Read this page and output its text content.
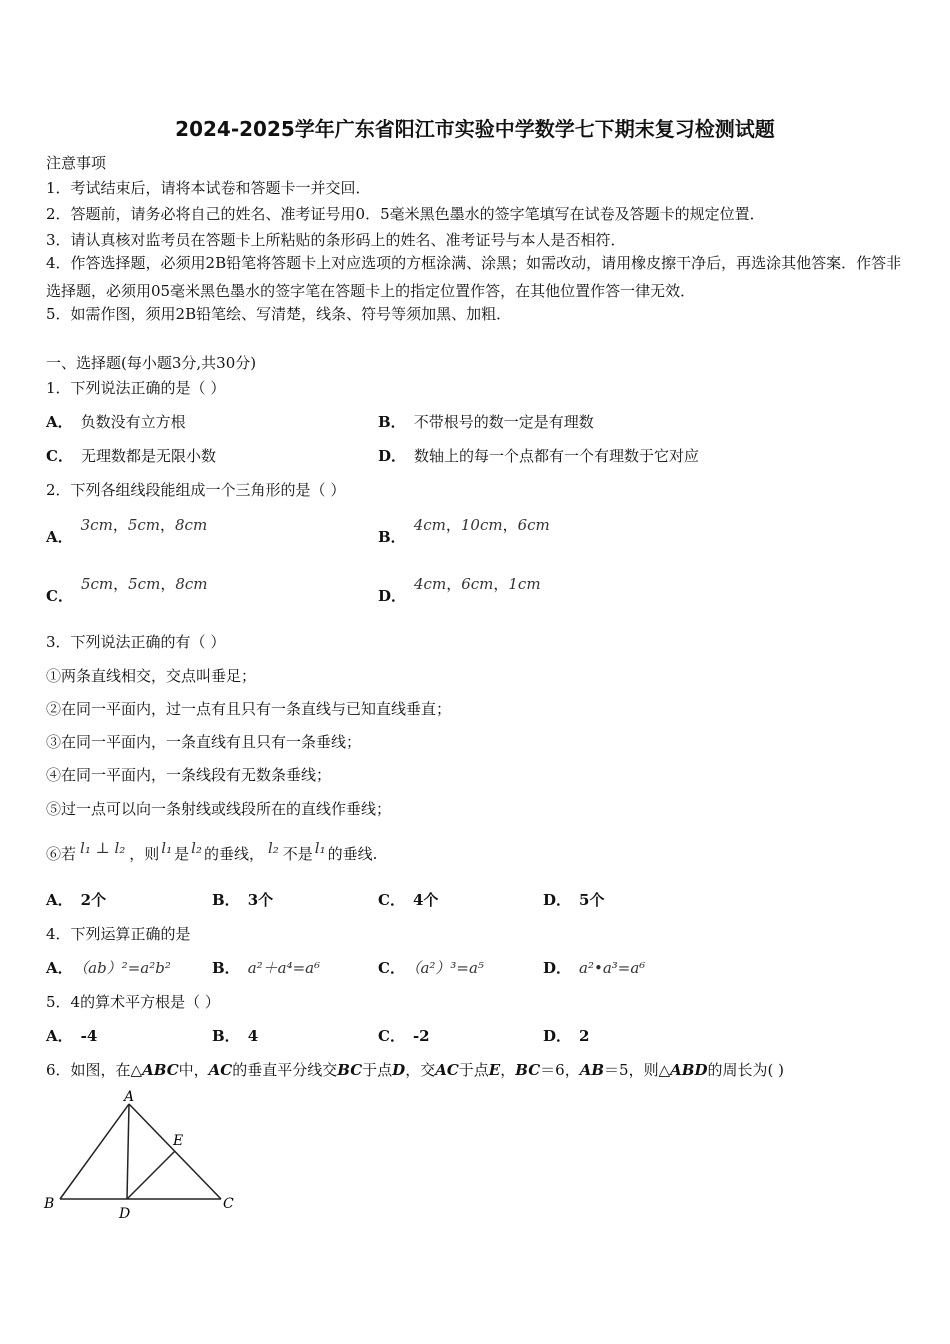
2024-2025学年广东省阳江市实验中学数学七下期末复习检测试题
注意事项
1．考试结束后，请将本试卷和答题卡一并交回．
2．答题前，请务必将自己的姓名、准考证号用0．5毫米黑色墨水的签字笔填写在试卷及答题卡的规定位置．
3．请认真核对监考员在答题卡上所粘贴的条形码上的姓名、准考证号与本人是否相符．
4．作答选择题，必须用2B铅笔将答题卡上对应选项的方框涂满、涂黑；如需改动，请用橡皮擦干净后，再选涂其他答案．作答非选择题，必须用05毫米黑色墨水的签字笔在答题卡上的指定位置作答，在其他位置作答一律无效．
5．如需作图，须用2B铅笔绘、写清楚，线条、符号等须加黑、加粗．
一、选择题(每小题3分,共30分)
1．下列说法正确的是（ ）
A． 负数没有立方根	B． 不带根号的数一定是有理数
C． 无理数都是无限小数	D． 数轴上的每一个点都有一个有理数于它对应
2．下列各组线段能组成一个三角形的是（ ）
A．3cm，5cm，8cm
B．4cm，10cm，6cm
C．5cm，5cm，8cm
D．4cm，6cm，1cm
3．下列说法正确的有（ ）
①两条直线相交，交点叫垂足；
②在同一平面内，过一点有且只有一条直线与已知直线垂直；
③在同一平面内，一条直线有且只有一条垂线；
④在同一平面内，一条线段有无数条垂线；
⑤过一点可以向一条射线或线段所在的直线作垂线；
⑥若 l₁ ⊥ l₂ ，则 l₁ 是 l₂ 的垂线， l₂ 不是 l₁ 的垂线.
A． 2个	B． 3个	C． 4个	D． 5个
4．下列运算正确的是
A． （ab）²=a²b²	B． a²＋a⁴=a⁶	C． （a²）³=a⁵	D． a²•a³=a⁶
5．4的算术平方根是（ ）
A． -4	B． 4	C． -2	D． 2
6．如图，在△ABC中，AC的垂直平分线交BC于点D，交AC于点E，BC＝6，AB＝5，则△ABD的周长为( )
A
B	C
D
E
